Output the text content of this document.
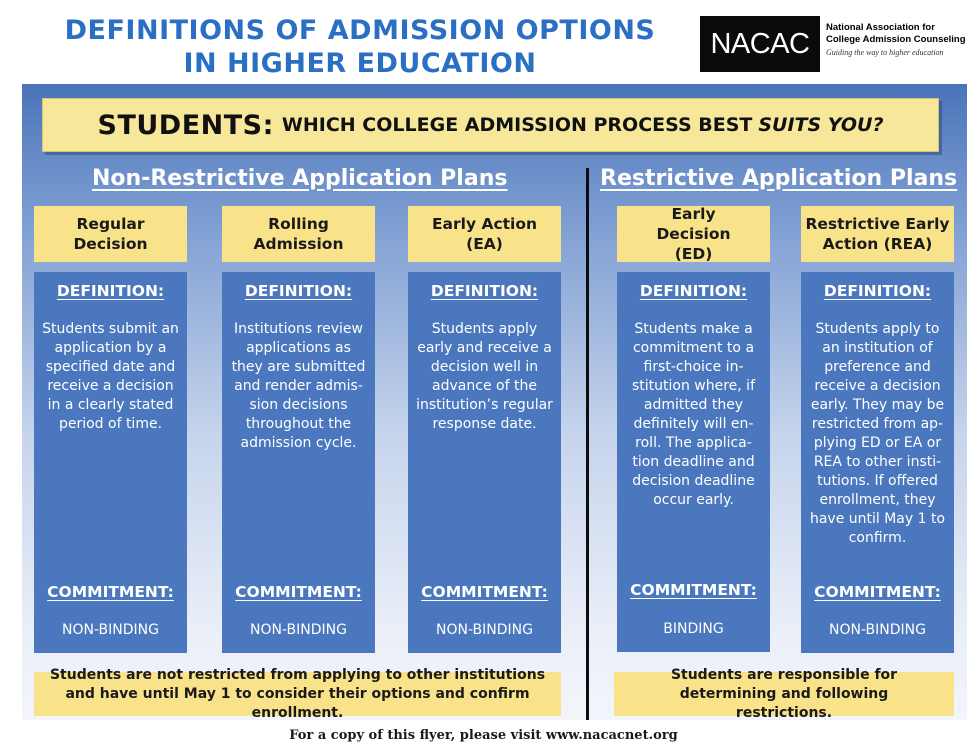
DEFINITIONS OF ADMISSION OPTIONS
IN HIGHER EDUCATION
NACAC
National Association for
College Admission Counseling
Guiding the way to higher education
STUDENTS: WHICH COLLEGE ADMISSION PROCESS BEST SUITS YOU?
Non-Restrictive Application Plans	Restrictive Application Plans
Regular Decision
Rolling Admission
Early Action (EA)
Early Decision (ED)
Restrictive Early Action (REA)
DEFINITION:
Students submit an application by a specified date and receive a decision in a clearly stated period of time.
COMMITMENT:
NON-BINDING
DEFINITION:
Institutions review applications as they are submitted and render admis-sion decisions throughout the admission cycle.
COMMITMENT:
NON-BINDING
DEFINITION:
Students apply early and receive a decision well in advance of the institution’s regular response date.
COMMITMENT:
NON-BINDING
DEFINITION:
Students make a commitment to a first-choice in-stitution where, if admitted they definitely will en-roll. The applica-tion deadline and decision deadline occur early.
COMMITMENT:
BINDING
DEFINITION:
Students apply to an institution of preference and receive a decision early. They may be restricted from ap-plying ED or EA or REA to other insti-tutions. If offered enrollment, they have until May 1 to confirm.
COMMITMENT:
NON-BINDING
Students are not restricted from applying to other institutions and have until May 1 to consider their options and confirm enrollment.
Students are responsible for determining and following restrictions.
For a copy of this flyer, please visit www.nacacnet.org
